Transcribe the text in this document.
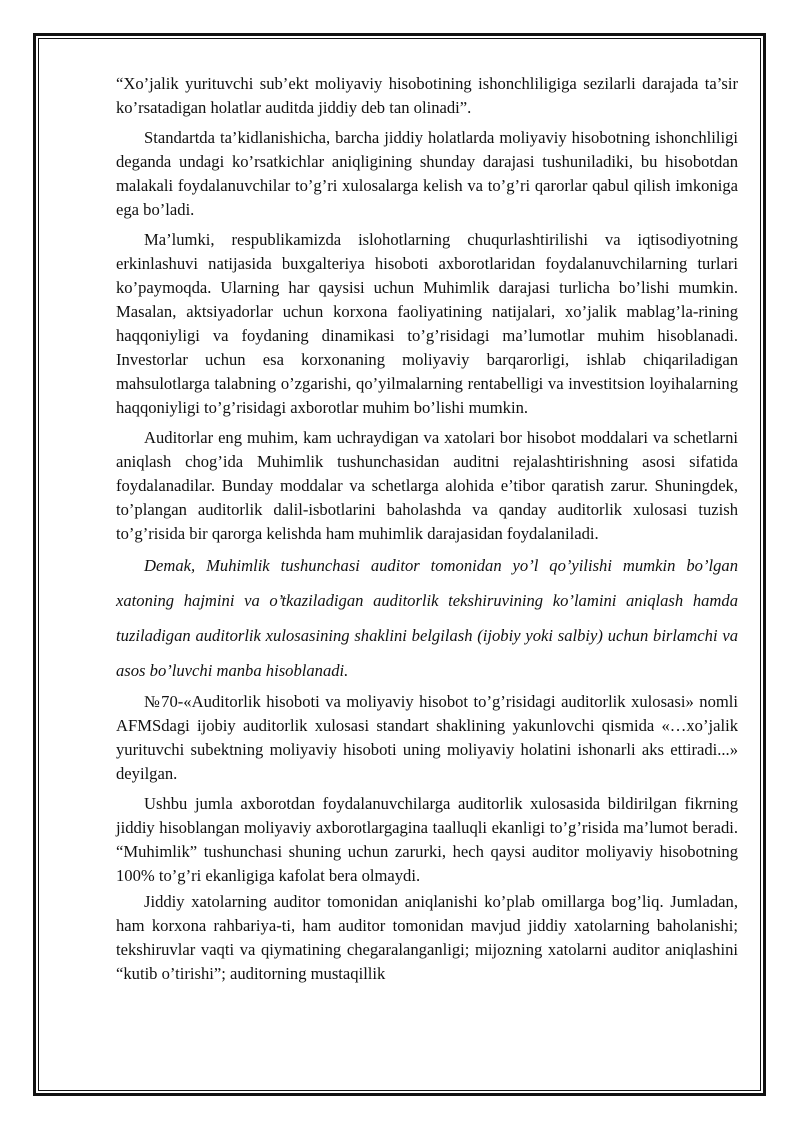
“Xo’jalik yurituvchi sub’ekt moliyaviy hisobotining ishonchliligiga sezilarli darajada ta’sir ko’rsatadigan holatlar auditda jiddiy deb tan olinadi”.

Standartda ta’kidlanishicha, barcha jiddiy holatlarda moliyaviy hisobotning ishonchliligi deganda undagi ko’rsatkichlar aniqligining shunday darajasi tushuniladiki, bu hisobotdan malakali foydalanuvchilar to’g’ri xulosalarga kelish va to’g’ri qarorlar qabul qilish imkoniga ega bo’ladi.

Ma’lumki, respublikamizda islohotlarning chuqurlashtirilishi va iqtisodiyotning erkinlashuvi natijasida buxgalteriya hisoboti axborotlaridan foydalanuvchilarning turlari ko’paymoqda. Ularning har qaysisi uchun Muhimlik darajasi turlicha bo’lishi mumkin. Masalan, aktsiyadorlar uchun korxona faoliyatining natijalari, xo’jalik mablag’la-rining haqqoniyligi va foydaning dinamikasi to’g’risidagi ma’lumotlar muhim hisoblanadi. Investorlar uchun esa korxonaning moliyaviy barqarorligi, ishlab chiqariladigan mahsulotlarga talabning o’zgarishi, qo’yilmalarning rentabelligi va investitsion loyihalarning haqqoniyligi to’g’risidagi axborotlar muhim bo’lishi mumkin.

Auditorlar eng muhim, kam uchraydigan va xatolari bor hisobot moddalari va schetlarni aniqlash chog’ida Muhimlik tushunchasidan auditni rejalashtirishning asosi sifatida foydalanadilar. Bunday moddalar va schetlarga alohida e’tibor qaratish zarur. Shuningdek, to’plangan auditorlik dalil-isbotlarini baholashda va qanday auditorlik xulosasi tuzish to’g’risida bir qarorga kelishda ham muhimlik darajasidan foydalaniladi.

Demak, Muhimlik tushunchasi auditor tomonidan yo’l qo’yilishi mumkin bo’lgan xatoning hajmini va o’tkaziladigan auditorlik tekshiruvining ko’lamini aniqlash hamda tuziladigan auditorlik xulosasining shaklini belgilash (ijobiy yoki salbiy) uchun birlamchi va asos bo’luvchi manba hisoblanadi.

№70-«Auditorlik hisoboti va moliyaviy hisobot to’g’risidagi auditorlik xulosasi» nomli AFMSdagi ijobiy auditorlik xulosasi standart shaklining yakunlovchi qismida «…xo’jalik yurituvchi subektning moliyaviy hisoboti uning moliyaviy holatini ishonarli aks ettiradi...» deyilgan.

Ushbu jumla axborotdan foydalanuvchilarga auditorlik xulosasida bildirilgan fikrning jiddiy hisoblangan moliyaviy axborotlargagina taalluqli ekanligi to’g’risida ma’lumot beradi. “Muhimlik” tushunchasi shuning uchun zarurki, hech qaysi auditor moliyaviy hisobotning 100% to’g’ri ekanligiga kafolat bera olmaydi.

Jiddiy xatolarning auditor tomonidan aniqlanishi ko’plab omillarga bog’liq. Jumladan, ham korxona rahbariya-ti, ham auditor tomonidan mavjud jiddiy xatolarning baholanishi; tekshiruvlar vaqti va qiymatining chegaralanganligi; mijozning xatolarni auditor aniqlashini “kutib o’tirishi”; auditorning mustaqillik
